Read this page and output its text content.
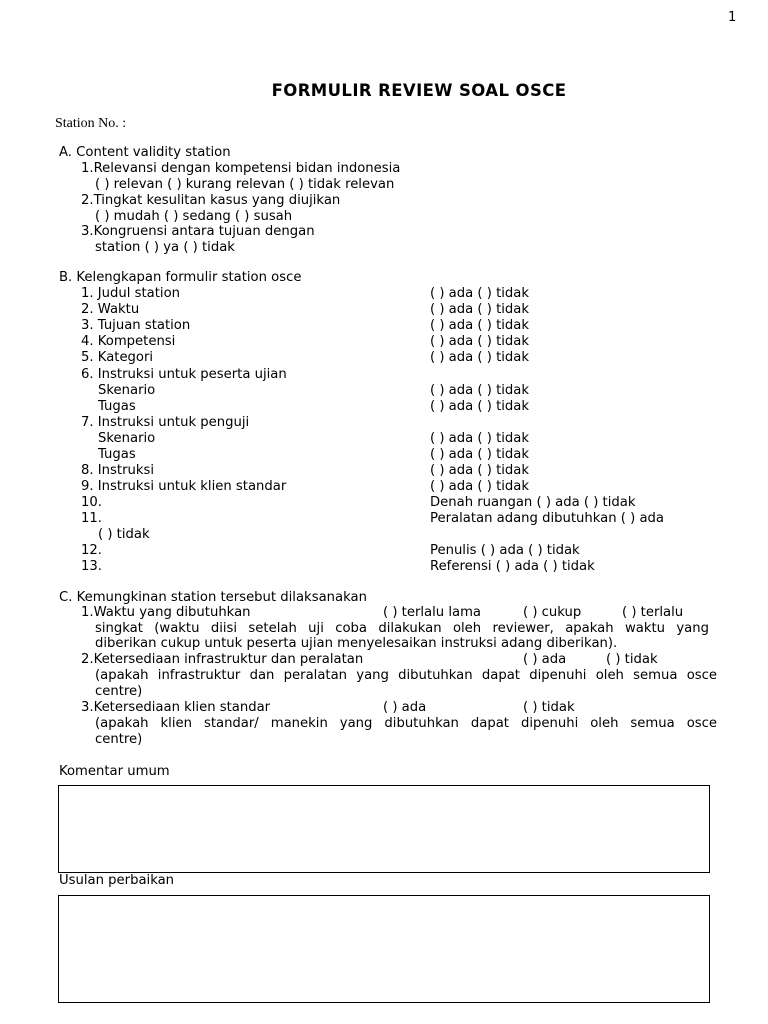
1
FORMULIR REVIEW SOAL OSCE
Station No. :
A. Content validity station
1.Relevansi dengan kompetensi bidan indonesia
( ) relevan ( ) kurang relevan ( ) tidak relevan
2.Tingkat kesulitan kasus yang diujikan
( ) mudah ( ) sedang ( ) susah
3.Kongruensi antara tujuan dengan
station ( ) ya ( ) tidak
B. Kelengkapan formulir station osce
1. Judul station	( ) ada ( ) tidak
2. Waktu	( ) ada ( ) tidak
3. Tujuan station	( ) ada ( ) tidak
4. Kompetensi	( ) ada ( ) tidak
5. Kategori	( ) ada ( ) tidak
6. Instruksi untuk peserta ujian
Skenario	( ) ada ( ) tidak
Tugas	( ) ada ( ) tidak
7. Instruksi untuk penguji
Skenario	( ) ada ( ) tidak
Tugas	( ) ada ( ) tidak
8. Instruksi	( ) ada ( ) tidak
9. Instruksi untuk klien standar	( ) ada ( ) tidak
10.	Denah ruangan ( ) ada ( ) tidak
11.	Peralatan adang dibutuhkan ( ) ada
( ) tidak
12.	Penulis ( ) ada ( ) tidak
13.	Referensi ( ) ada ( ) tidak
C. Kemungkinan station tersebut dilaksanakan
1.Waktu yang dibutuhkan	( ) terlalu lama	( ) cukup	( ) terlalu
singkat (waktu diisi setelah uji coba dilakukan oleh reviewer, apakah waktu yang
diberikan cukup untuk peserta ujian menyelesaikan instruksi adang diberikan).
2.Ketersediaan infrastruktur dan peralatan	( ) ada	( ) tidak
(apakah infrastruktur dan peralatan yang dibutuhkan dapat dipenuhi oleh semua osce
centre)
3.Ketersediaan klien standar	( ) ada	( ) tidak
(apakah klien standar/ manekin yang dibutuhkan dapat dipenuhi oleh semua osce
centre)
Komentar umum
Usulan perbaikan
